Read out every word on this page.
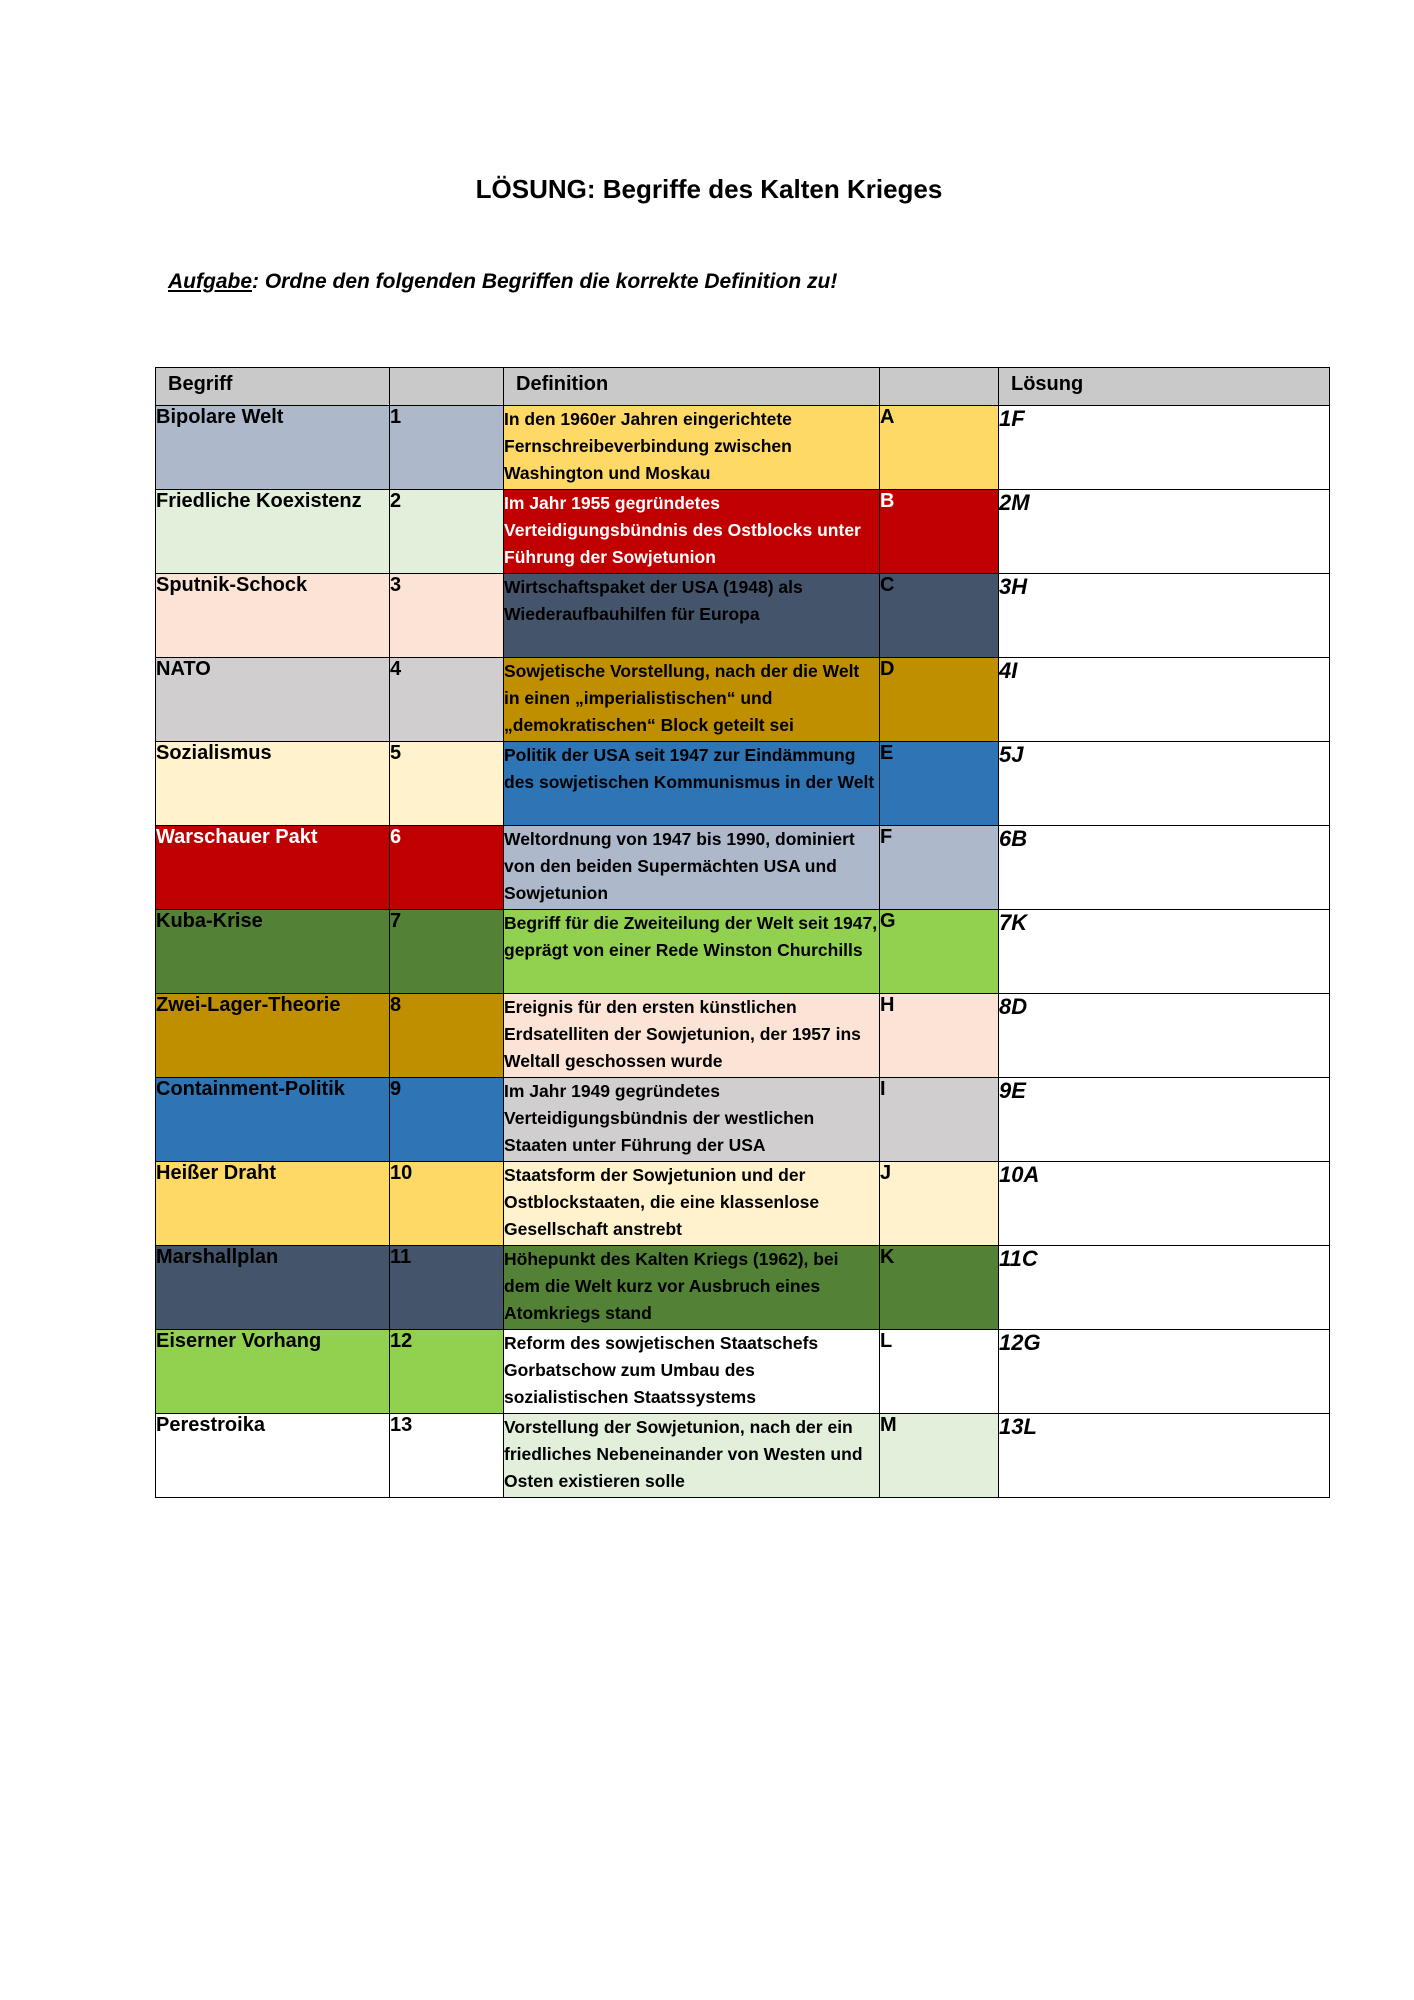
LÖSUNG: Begriffe des Kalten Krieges

Aufgabe: Ordne den folgenden Begriffen die korrekte Definition zu!

Begriff		Definition		Lösung
Bipolare Welt	1	In den 1960er Jahren eingerichtete Fernschreibeverbindung zwischen Washington und Moskau	A	1F
Friedliche Koexistenz	2	Im Jahr 1955 gegründetes Verteidigungsbündnis des Ostblocks unter Führung der Sowjetunion	B	2M
Sputnik-Schock	3	Wirtschaftspaket der USA (1948) als Wiederaufbauhilfen für Europa	C	3H
NATO	4	Sowjetische Vorstellung, nach der die Welt in einen „imperialistischen“ und „demokratischen“ Block geteilt sei	D	4I
Sozialismus	5	Politik der USA seit 1947 zur Eindämmung des sowjetischen Kommunismus in der Welt	E	5J
Warschauer Pakt	6	Weltordnung von 1947 bis 1990, dominiert von den beiden Supermächten USA und Sowjetunion	F	6B
Kuba-Krise	7	Begriff für die Zweiteilung der Welt seit 1947, geprägt von einer Rede Winston Churchills	G	7K
Zwei-Lager-Theorie	8	Ereignis für den ersten künstlichen Erdsatelliten der Sowjetunion, der 1957 ins Weltall geschossen wurde	H	8D
Containment-Politik	9	Im Jahr 1949 gegründetes Verteidigungsbündnis der westlichen Staaten unter Führung der USA	I	9E
Heißer Draht	10	Staatsform der Sowjetunion und der Ostblockstaaten, die eine klassenlose Gesellschaft anstrebt	J	10A
Marshallplan	11	Höhepunkt des Kalten Kriegs (1962), bei dem die Welt kurz vor Ausbruch eines Atomkriegs stand	K	11C
Eiserner Vorhang	12	Reform des sowjetischen Staatschefs Gorbatschow zum Umbau des sozialistischen Staatssystems	L	12G
Perestroika	13	Vorstellung der Sowjetunion, nach der ein friedliches Nebeneinander von Westen und Osten existieren solle	M	13L
